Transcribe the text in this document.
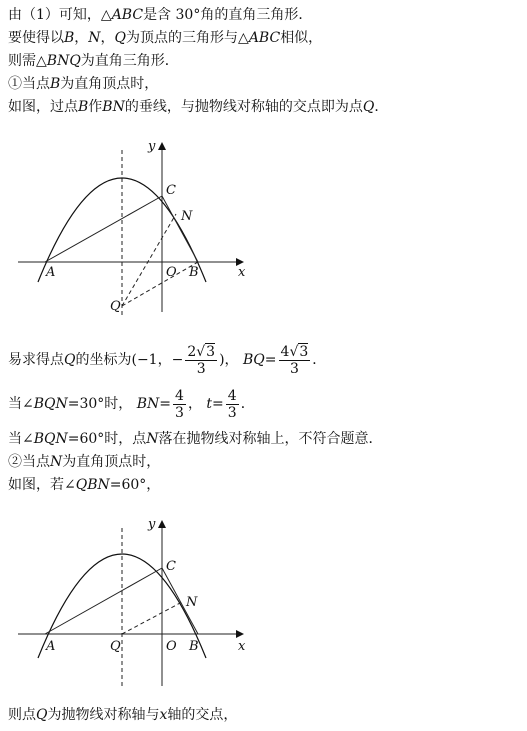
由（1）可知，△ABC是含 30°角的直角三角形．
要使得以B，N，Q为顶点的三角形与△ABC相似，
则需△BNQ为直角三角形．
①当点B为直角顶点时，
如图，过点B作BN的垂线，与抛物线对称轴的交点即为点Q．
y
x
A
C
N
O B
Q
易求得点Q的坐标为(−1，− $\frac{2√3}{3}$ )， $BQ= \frac{4√3}{3}$ ．
当∠BQN=30°时， $BN= \frac{4}{3}$ ， $t= \frac{4}{3}$ ．
当∠BQN=60°时，点N落在抛物线对称轴上，不符合题意．
②当点N为直角顶点时，
如图，若∠QBN=60°，
y
x
A
C
N
O B
Q
则点Q为抛物线对称轴与x轴的交点，
